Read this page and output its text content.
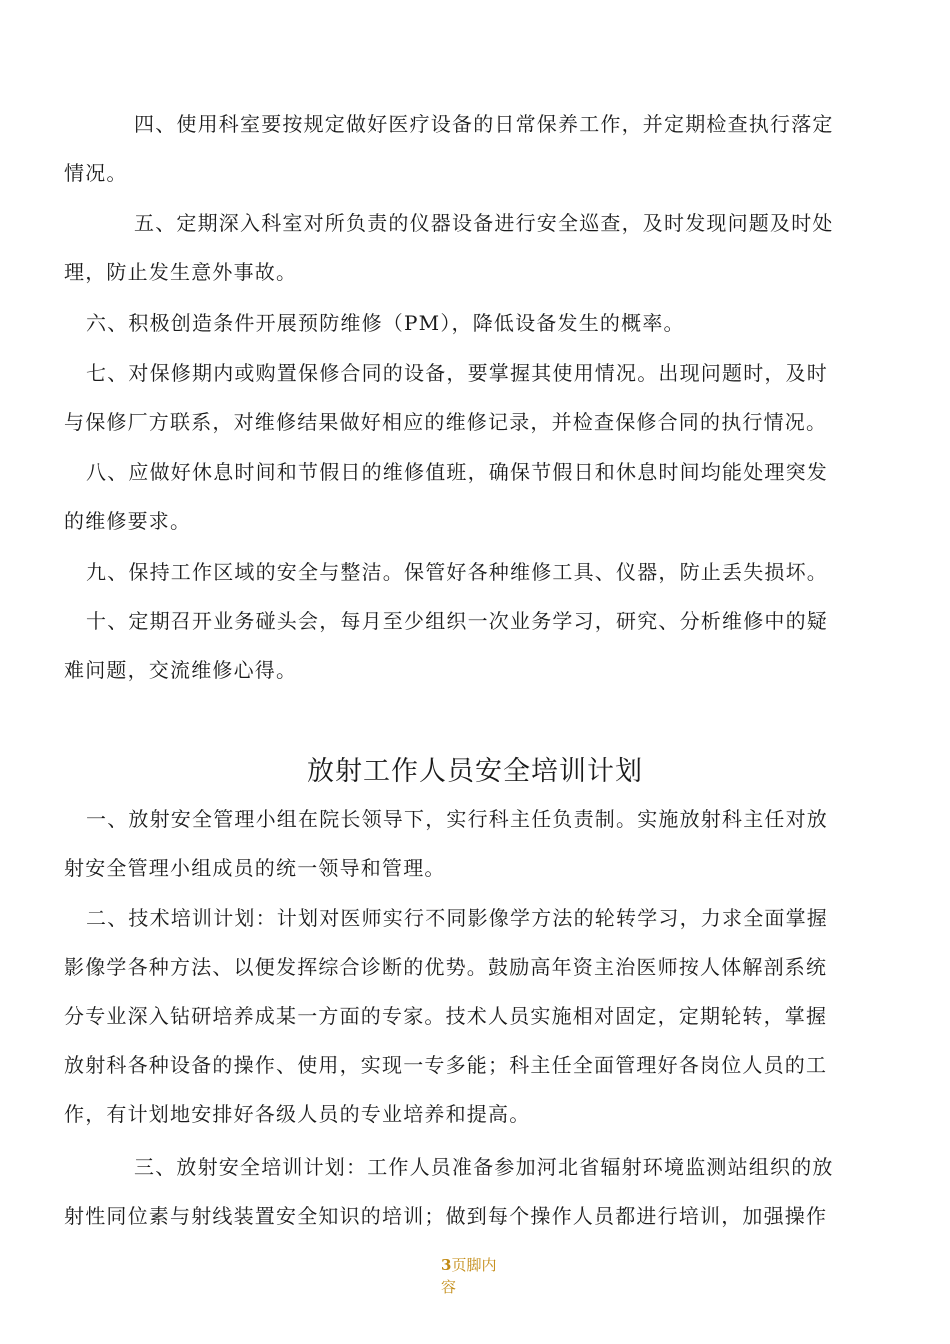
四、使用科室要按规定做好医疗设备的日常保养工作，并定期检查执行落定
情况。
五、定期深入科室对所负责的仪器设备进行安全巡查，及时发现问题及时处
理，防止发生意外事故。
六、积极创造条件开展预防维修（PM），降低设备发生的概率。
七、对保修期内或购置保修合同的设备，要掌握其使用情况。出现问题时，及时
与保修厂方联系，对维修结果做好相应的维修记录，并检查保修合同的执行情况。
八、应做好休息时间和节假日的维修值班，确保节假日和休息时间均能处理突发
的维修要求。
九、保持工作区域的安全与整洁。保管好各种维修工具、仪器，防止丢失损坏。
十、定期召开业务碰头会，每月至少组织一次业务学习，研究、分析维修中的疑
难问题，交流维修心得。
放射工作人员安全培训计划
一、放射安全管理小组在院长领导下，实行科主任负责制。实施放射科主任对放
射安全管理小组成员的统一领导和管理。
二、技术培训计划：计划对医师实行不同影像学方法的轮转学习，力求全面掌握
影像学各种方法、以便发挥综合诊断的优势。鼓励高年资主治医师按人体解剖系统
分专业深入钻研培养成某一方面的专家。技术人员实施相对固定，定期轮转，掌握
放射科各种设备的操作、使用，实现一专多能；科主任全面管理好各岗位人员的工
作，有计划地安排好各级人员的专业培养和提高。
三、放射安全培训计划：工作人员准备参加河北省辐射环境监测站组织的放
射性同位素与射线装置安全知识的培训；做到每个操作人员都进行培训，加强操作
3页脚内
容
